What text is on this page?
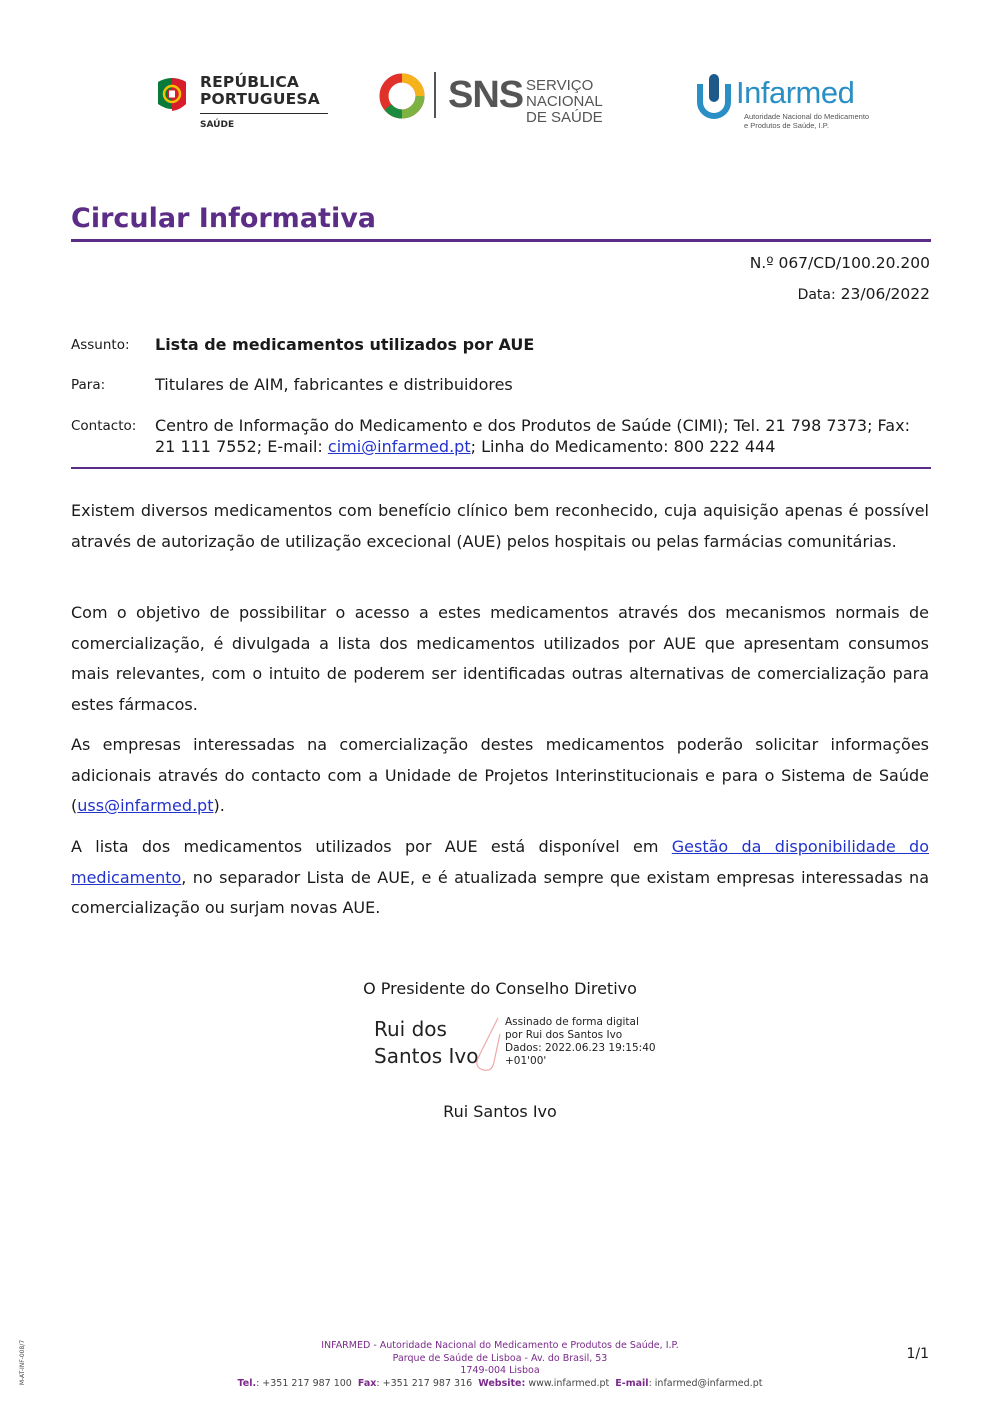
REPÚBLICA
PORTUGUESA
SAÚDE
SNS SERVIÇO NACIONAL
DE SAÚDE
Infarmed
Autoridade Nacional do Medicamento
e Produtos de Saúde, I.P.
Circular Informativa
N.º 067/CD/100.20.200
Data: 23/06/2022
Assunto: Lista de medicamentos utilizados por AUE
Para:	Titulares de AIM, fabricantes e distribuidores
Contacto: Centro de Informação do Medicamento e dos Produtos de Saúde (CIMI); Tel. 21 798 7373; Fax: 21 111 7552; E-mail: cimi@infarmed.pt; Linha do Medicamento: 800 222 444
Existem diversos medicamentos com benefício clínico bem reconhecido, cuja aquisição apenas é possível através de autorização de utilização excecional (AUE) pelos hospitais ou pelas farmácias comunitárias.
Com o objetivo de possibilitar o acesso a estes medicamentos através dos mecanismos normais de comercialização, é divulgada a lista dos medicamentos utilizados por AUE que apresentam consumos mais relevantes, com o intuito de poderem ser identificadas outras alternativas de comercialização para estes fármacos.
As empresas interessadas na comercialização destes medicamentos poderão solicitar informações adicionais através do contacto com a Unidade de Projetos Interinstitucionais e para o Sistema de Saúde (uss@infarmed.pt).
A lista dos medicamentos utilizados por AUE está disponível em Gestão da disponibilidade do medicamento, no separador Lista de AUE, e é atualizada sempre que existam empresas interessadas na comercialização ou surjam novas AUE.
O Presidente do Conselho Diretivo
Rui dos
Santos Ivo
Assinado de forma digital
por Rui dos Santos Ivo
Dados: 2022.06.23 19:15:40
+01'00'
Rui Santos Ivo
M-AT-INF-008/7	INFARMED - Autoridade Nacional do Medicamento e Produtos de Saúde, I.P.
Parque de Saúde de Lisboa - Av. do Brasil, 53
1749-004 Lisboa
Tel.: +351 217 987 100 Fax: +351 217 987 316 Website: www.infarmed.pt E-mail: infarmed@infarmed.pt
1/1
